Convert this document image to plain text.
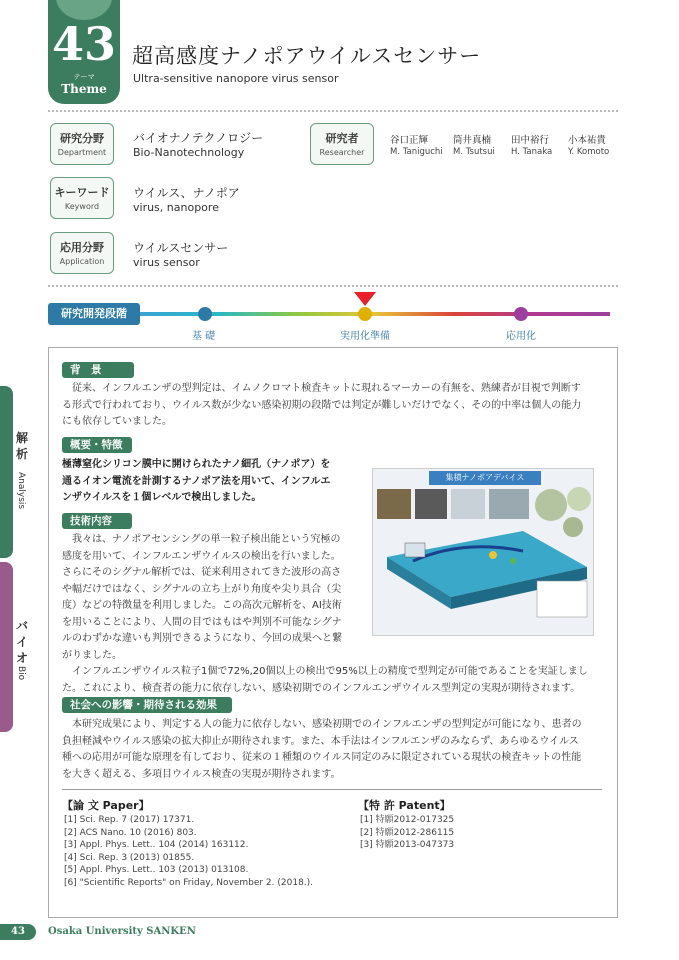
43
テーマ
Theme
超高感度ナノポアウイルスセンサー
Ultra-sensitive nanopore virus sensor
研究分野
Department
バイオナノテクノロジー
Bio-Nanotechnology
研究者
Researcher
谷口正輝
M. Taniguchi
筒井真楠
M. Tsutsui
田中裕行
H. Tanaka
小本祐貴
Y. Komoto
キーワード
Keyword
ウイルス、ナノポア
virus, nanopore
応用分野
Application
ウイルスセンサー
virus sensor
研究開発段階
基 礎	実用化準備	応用化
背　景
従来、インフルエンザの型判定は、イムノクロマト検査キットに現れるマーカーの有無を、熟練者が目視で判断す
る形式で行われており、ウイルス数が少ない感染初期の段階では判定が難しいだけでなく、その的中率は個人の能力
にも依存していました。
概要・特徴
極薄窒化シリコン膜中に開けられたナノ細孔（ナノポア）を
通るイオン電流を計測するナノポア法を用いて、インフルエ
ンザウイルスを１個レベルで検出しました。
技術内容
我々は、ナノポアセンシングの単一粒子検出能という究極の
感度を用いて、インフルエンザウイルスの検出を行いました。
さらにそのシグナル解析では、従来利用されてきた波形の高さ
や幅だけではなく、シグナルの立ち上がり角度や尖り具合（尖
度）などの特徴量を利用しました。この高次元解析を、AI技術
を用いることにより、人間の目ではもはや判別不可能なシグナ
ルのわずかな違いも判別できるようになり、今回の成果へと繋
がりました。
インフルエンザウイルス粒子1個で72%,20個以上の検出で95%以上の精度で型判定が可能であることを実証しまし
た。これにより、検査者の能力に依存しない、感染初期でのインフルエンザウイルス型判定の実現が期待されます。
集積ナノポアデバイス
社会への影響・期待される効果
本研究成果により、判定する人の能力に依存しない、感染初期でのインフルエンザの型判定が可能になり、患者の
負担軽減やウイルス感染の拡大抑止が期待されます。また、本手法はインフルエンザのみならず、あらゆるウイルス
種への応用が可能な原理を有しており、従来の１種類のウイルス同定のみに限定されている現状の検査キットの性能
を大きく超える、多項目ウイルス検査の実現が期待されます。
【論 文 Paper】
[1] Sci. Rep. 7 (2017) 17371.
[2] ACS Nano. 10 (2016) 803.
[3] Appl. Phys. Lett.. 104 (2014) 163112.
[4] Sci. Rep. 3 (2013) 01855.
[5] Appl. Phys. Lett.. 103 (2013) 013108.
[6] "Scientific Reports" on Friday, November 2. (2018.).
【特 許 Patent】
[1] 特願2012-017325
[2] 特願2012-286115
[3] 特願2013-047373
解 析
Analysis
バイオ
Bio
43	Osaka University SANKEN
